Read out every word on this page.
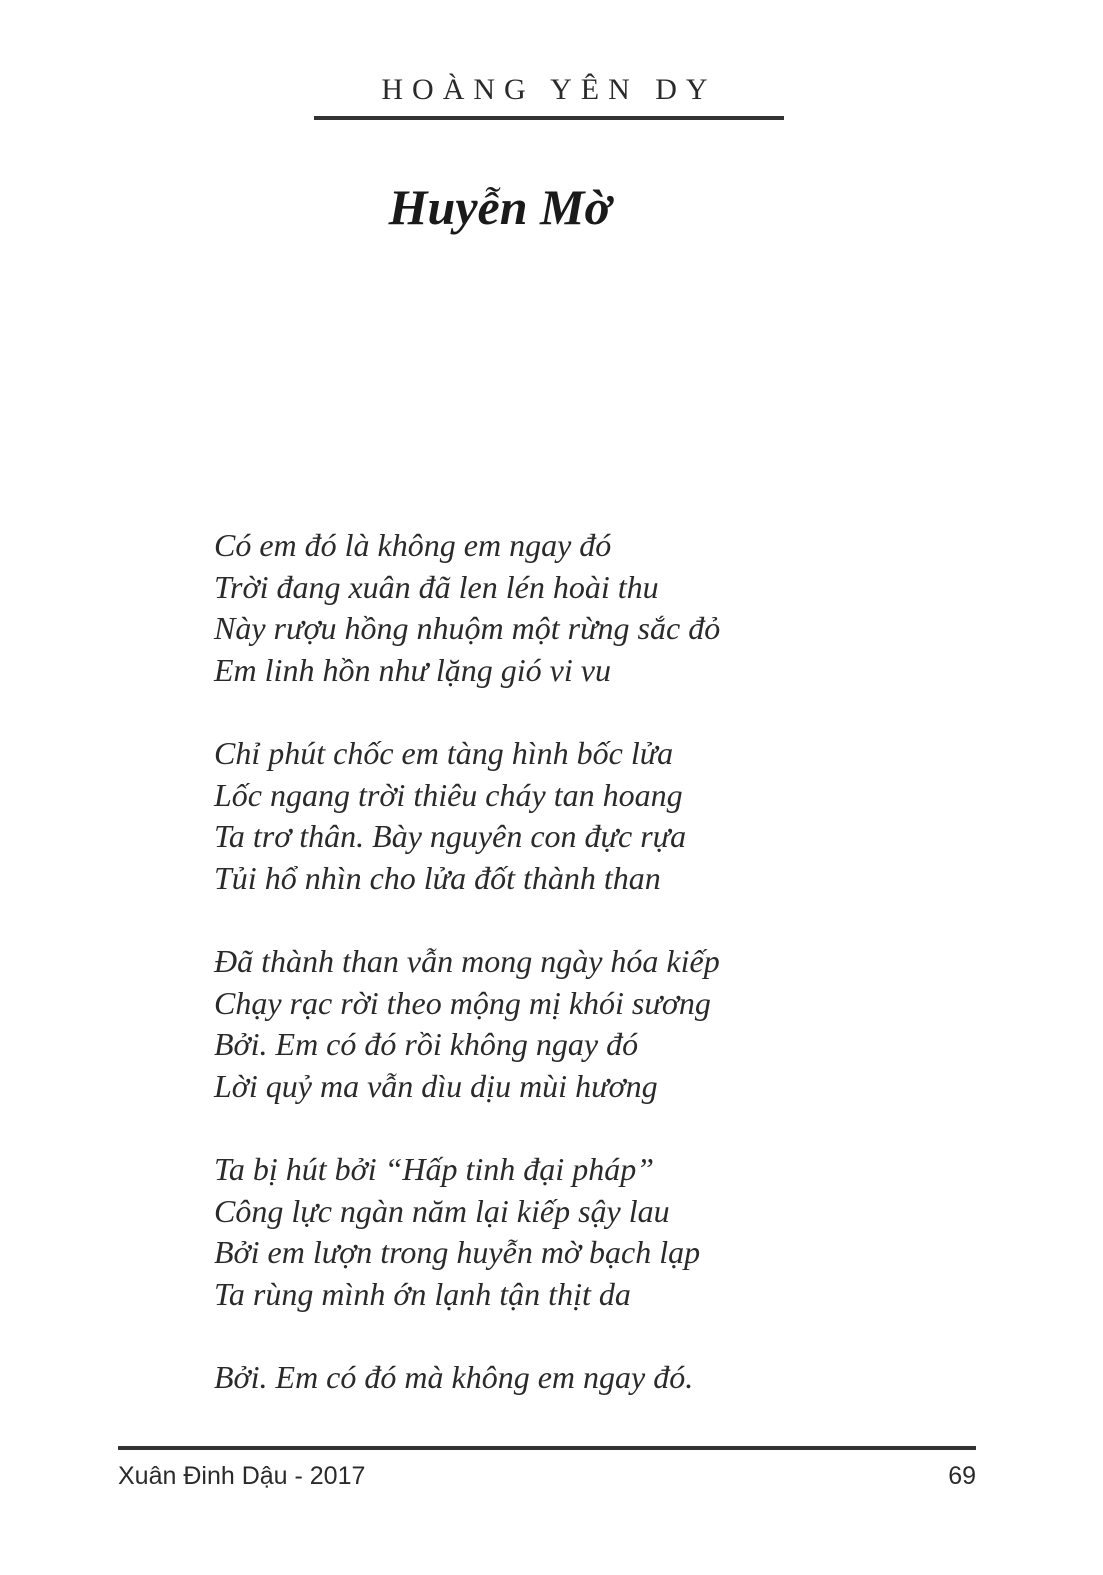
HOÀNG YÊN DY
Huyễn Mờ
Có em đó là không em ngay đó
Trời đang xuân đã len lén hoài thu
Này rượu hồng nhuộm một rừng sắc đỏ
Em linh hồn như lặng gió vi vu
Chỉ phút chốc em tàng hình bốc lửa
Lốc ngang trời thiêu cháy tan hoang
Ta trơ thân. Bày nguyên con đực rựa
Tủi hổ nhìn cho lửa đốt thành than
Đã thành than vẫn mong ngày hóa kiếp
Chạy rạc rời theo mộng mị khói sương
Bởi. Em có đó rồi không ngay đó
Lời quỷ ma vẫn dìu dịu mùi hương
Ta bị hút bởi “Hấp tinh đại pháp”
Công lực ngàn năm lại kiếp sậy lau
Bởi em lượn trong huyễn mờ bạch lạp
Ta rùng mình ớn lạnh tận thịt da
Bởi. Em có đó mà không em ngay đó.
Xuân Đinh Dậu - 2017	69
